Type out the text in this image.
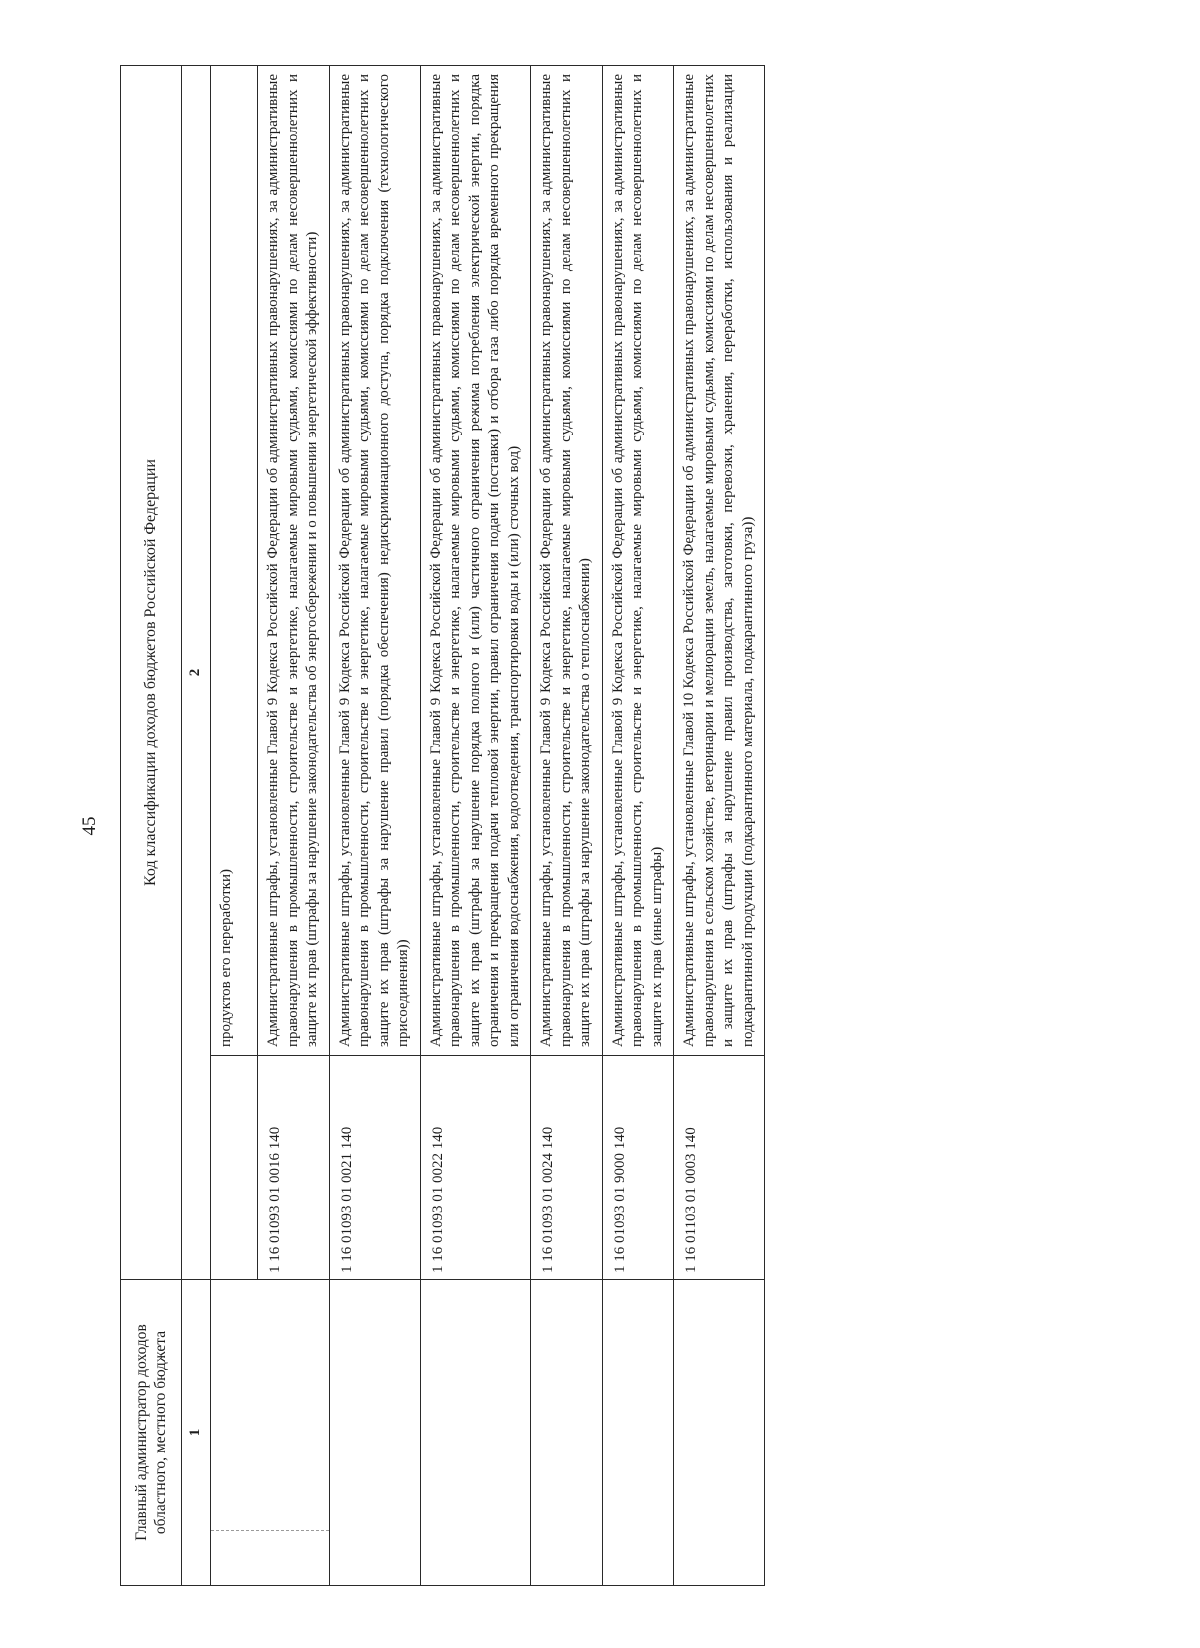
45
Главный администратор доходов областного, местного бюджета	Код классификации доходов бюджетов Российской Федерации	
1	2	

		продуктов его переработки)
	1 16 01093 01 0016 140	Административные штрафы, установленные Главой 9 Кодекса Российской Федерации об административных правонарушениях, за административные правонарушения в промышленности, строительстве и энергетике, налагаемые мировыми судьями, комиссиями по делам несовершеннолетних и защите их прав (штрафы за нарушение законодательства об энергосбережении и о повышении энергетической эффективности)
	1 16 01093 01 0021 140	Административные штрафы, установленные Главой 9 Кодекса Российской Федерации об административных правонарушениях, за административные правонарушения в промышленности, строительстве и энергетике, налагаемые мировыми судьями, комиссиями по делам несовершеннолетних и защите их прав (штрафы за нарушение правил (порядка обеспечения) недискриминационного доступа, порядка подключения (технологического присоединения))
	1 16 01093 01 0022 140	Административные штрафы, установленные Главой 9 Кодекса Российской Федерации об административных правонарушениях, за административные правонарушения в промышленности, строительстве и энергетике, налагаемые мировыми судьями, комиссиями по делам несовершеннолетних и защите их прав (штрафы за нарушение порядка полного и (или) частичного ограничения режима потребления электрической энергии, порядка ограничения и прекращения подачи тепловой энергии, правил ограничения подачи (поставки) и отбора газа либо порядка временного прекращения или ограничения водоснабжения, водоотведения, транспортировки воды и (или) сточных вод)
	1 16 01093 01 0024 140	Административные штрафы, установленные Главой 9 Кодекса Российской Федерации об административных правонарушениях, за административные правонарушения в промышленности, строительстве и энергетике, налагаемые мировыми судьями, комиссиями по делам несовершеннолетних и защите их прав (штрафы за нарушение законодательства о теплоснабжении)
	1 16 01093 01 9000 140	Административные штрафы, установленные Главой 9 Кодекса Российской Федерации об административных правонарушениях, за административные правонарушения в промышленности, строительстве и энергетике, налагаемые мировыми судьями, комиссиями по делам несовершеннолетних и защите их прав (иные штрафы)
	1 16 01103 01 0003 140	Административные штрафы, установленные Главой 10 Кодекса Российской Федерации об административных правонарушениях, за административные правонарушения в сельском хозяйстве, ветеринарии и мелиорации земель, налагаемые мировыми судьями, комиссиями по делам несовершеннолетних и защите их прав (штрафы за нарушение правил производства, заготовки, перевозки, хранения, переработки, использования и реализации подкарантинной продукции (подкарантинного материала, подкарантинного груза))
